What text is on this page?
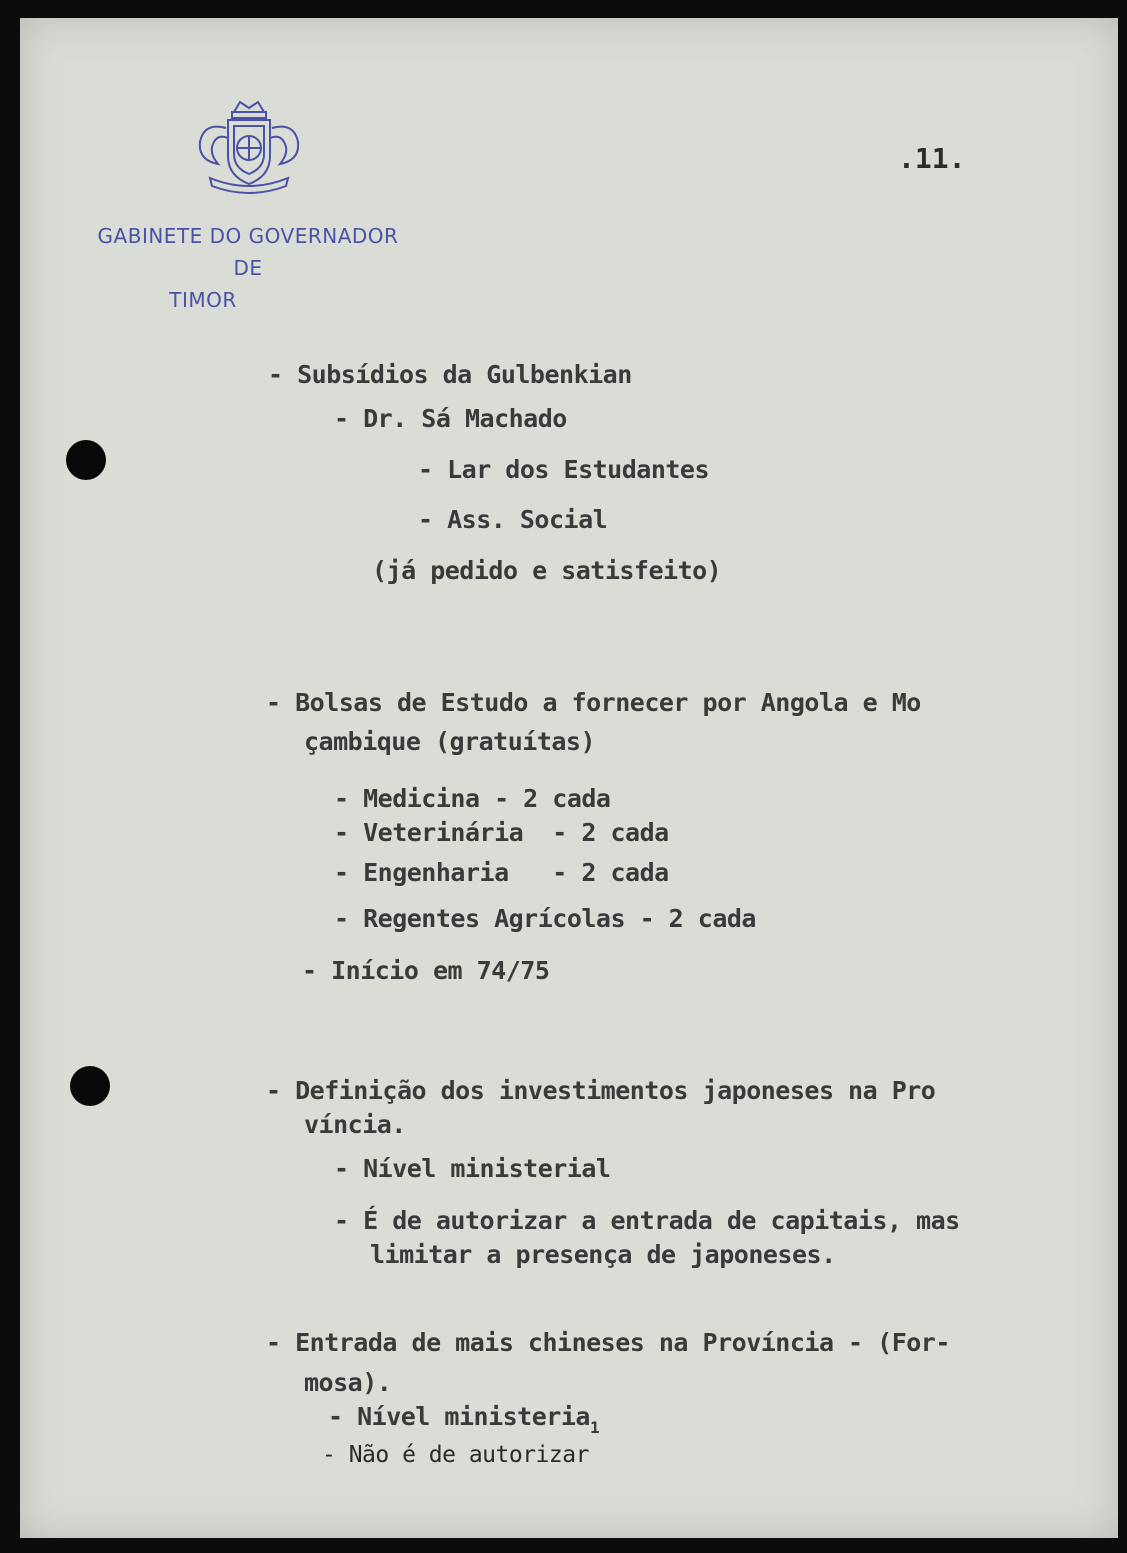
GABINETE DO GOVERNADOR
DE
TIMOR
.11.
- Subsídios da Gulbenkian
- Dr. Sá Machado
- Lar dos Estudantes
- Ass. Social
(já pedido e satisfeito)
- Bolsas de Estudo a fornecer por Angola e Mo
çambique (gratuítas)
- Medicina - 2 cada
- Veterinária  - 2 cada
- Engenharia   - 2 cada
- Regentes Agrícolas - 2 cada
- Início em 74/75
- Definição dos investimentos japoneses na Pro
víncia.
- Nível ministerial
- É de autorizar a entrada de capitais, mas
limitar a presença de japoneses.
- Entrada de mais chineses na Província - (For-
mosa).
- Nível ministeria$_1$
- Não é de autorizar
